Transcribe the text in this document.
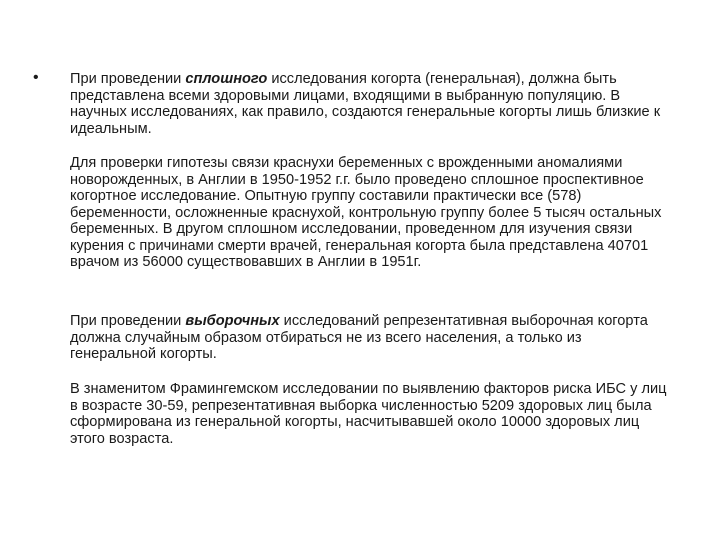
• При проведении сплошного исследования когорта (генеральная), должна быть представлена всеми здоровыми лицами, входящими в выбранную популяцию. В научных исследованиях, как правило, создаются генеральные когорты лишь близкие к идеальным.

Для проверки гипотезы связи краснухи беременных с врожденными аномалиями новорожденных, в Англии в 1950-1952 г.г. было проведено сплошное проспективное когортное исследование. Опытную группу составили практически все (578) беременности, осложненные краснухой, контрольную группу более 5 тысяч остальных беременных. В другом сплошном исследовании, проведенном для изучения связи курения с причинами смерти врачей, генеральная когорта была представлена 40701 врачом из 56000 существовавших в Англии в 1951г.

При проведении выборочных исследований репрезентативная выборочная когорта должна случайным образом отбираться не из всего населения, а только из генеральной когорты.

В знаменитом Фрамингемском исследовании по выявлению факторов риска ИБС у лиц в возрасте 30-59, репрезентативная выборка численностью 5209 здоровых лиц была сформирована из генеральной когорты, насчитывавшей около 10000 здоровых лиц этого возраста.
